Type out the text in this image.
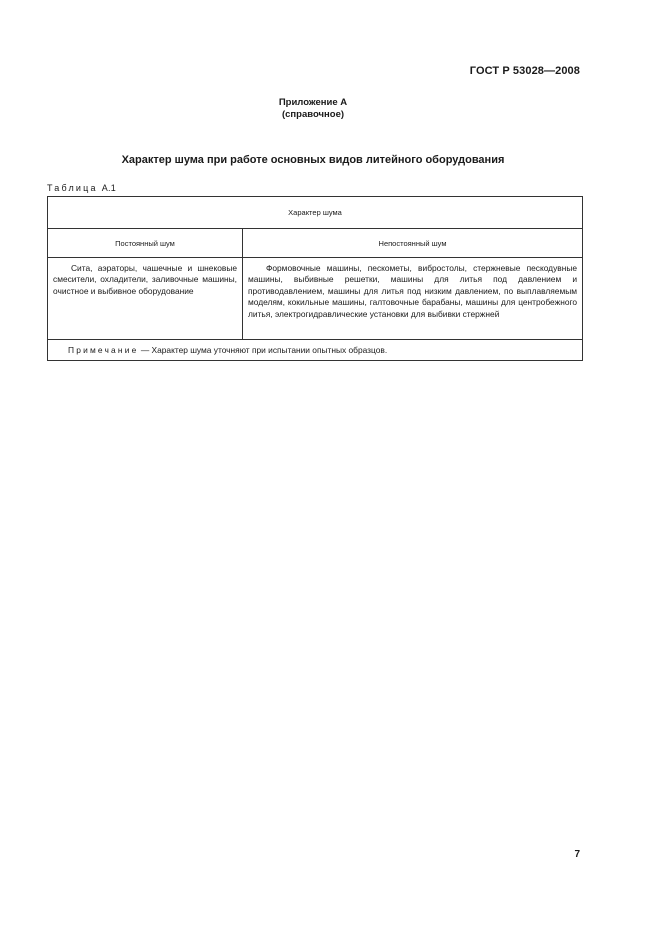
ГОСТ Р 53028—2008
Приложение А
(справочное)
Характер шума при работе основных видов литейного оборудования
Таблица А.1
Характер шума	
Постоянный шум	Непостоянный шум
Сита, аэраторы, чашечные и шнековые смесители, охладители, заливочные машины, очистное и выбивное оборудование	Формовочные машины, пескометы, вибростолы, стержневые пескодувные машины, выбивные решетки, машины для литья под давлением и противодавлением, машины для литья под низким давлением, по выплавляемым моделям, кокильные машины, галтовочные барабаны, машины для центробежного литья, электрогидравлические установки для выбивки стержней
Примечание — Характер шума уточняют при испытании опытных образцов.	
7
